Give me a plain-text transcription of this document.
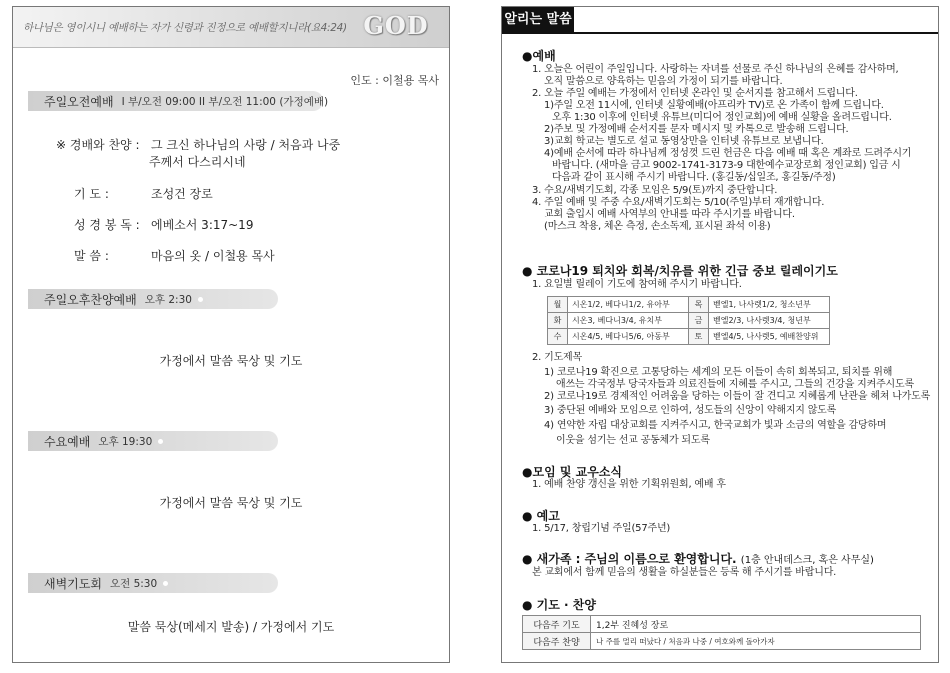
하나님은 영이시니 예배하는 자가 신령과 진정으로 예배할지니라(요4:24) GOD
인도 : 이철용 목사
주일오전예배 I 부/오전 09:00 II 부/오전 11:00 (가정예배)
※ 경배와 찬양 : 그 크신 하나님의 사랑 / 처음과 나중
주께서 다스리시네
기 도 :	조성건 장로
성 경 봉 독 : 에베소서 3:17~19
말 씀 :	마음의 옷 / 이철용 목사
주일오후찬양예배 오후 2:30
가정에서 말씀 묵상 및 기도
수요예배 오후 19:30
가정에서 말씀 묵상 및 기도
새벽기도회 오전 5:30
말씀 묵상(메세지 발송) / 가정에서 기도
알리는 말씀
●예배
1. 오늘은 어린이 주일입니다. 사랑하는 자녀를 선물로 주신 하나님의 은혜를 감사하며,
오직 말씀으로 양육하는 믿음의 가정이 되기를 바랍니다.
2. 오늘 주일 예배는 가정에서 인터넷 온라인 및 순서지를 참고해서 드립니다.
1)주일 오전 11시에, 인터넷 실황예배(아프리카 TV)로 온 가족이 함께 드립니다.
오후 1:30 이후에 인터넷 유튜브(미디어 정인교회)에 예배 실황을 올려드립니다.
2)주보 및 가정예배 순서지를 문자 메시지 및 카톡으로 발송해 드립니다.
3)교회 학교는 별도로 설교 동영상만을 인터넷 유튜브로 보냅니다.
4)예배 순서에 따라 하나님께 정성껏 드린 헌금은 다음 예배 때 혹은 계좌로 드려주시기
바랍니다. (새마을 금고 9002-1741-3173-9 대한예수교장로회 정인교회) 입금 시
다음과 같이 표시해 주시기 바랍니다. (홍길동/십일조, 홍길동/주정)
3. 수요/새벽기도회, 각종 모임은 5/9(토)까지 중단합니다.
4. 주일 예배 및 주중 수요/새벽기도회는 5/10(주일)부터 재개합니다.
교회 출입시 예배 사역부의 안내를 따라 주시기를 바랍니다.
(마스크 착용, 체온 측정, 손소독제, 표시된 좌석 이용)
● 코로나19 퇴치와 회복/치유를 위한 긴급 중보 릴레이기도
1. 요일별 릴레이 기도에 참여해 주시기 바랍니다.
월	시온1/2, 베다니1/2, 유아부	목	벧엘1, 나사렛1/2, 청소년부
화	시온3, 베다니3/4, 유치부	금	벧엘2/3, 나사렛3/4, 청년부
수	시온4/5, 베다니5/6, 아동부	토	벧엘4/5, 나사렛5, 예배찬양위
2. 기도제목
1) 코로나19 확진으로 고통당하는 세계의 모든 이들이 속히 회복되고, 퇴치를 위해
애쓰는 각국정부 당국자들과 의료진들에 지혜를 주시고, 그들의 건강을 지켜주시도록
2) 코로나19로 경제적인 어려움을 당하는 이들이 잘 견디고 지혜롭게 난관을 헤쳐 나가도록
3) 중단된 예배와 모임으로 인하여, 성도들의 신앙이 약해지지 않도록
4) 연약한 자립 대상교회를 지켜주시고, 한국교회가 빛과 소금의 역할을 감당하며
이웃을 섬기는 선교 공동체가 되도록
●모임 및 교우소식
1. 예배 찬양 갱신을 위한 기획위원회, 예배 후
● 예고
1. 5/17, 창립기념 주일(57주년)
● 새가족 : 주님의 이름으로 환영합니다. (1층 안내데스크, 혹은 사무실)
본 교회에서 함께 믿음의 생활을 하실분들은 등록 해 주시기를 바랍니다.
● 기도 · 찬양
다음주 기도	1,2부 진혜성 장로
다음주 찬양	나 주를 멀리 떠났다 / 처음과 나중 / 여호와께 돌아가자
